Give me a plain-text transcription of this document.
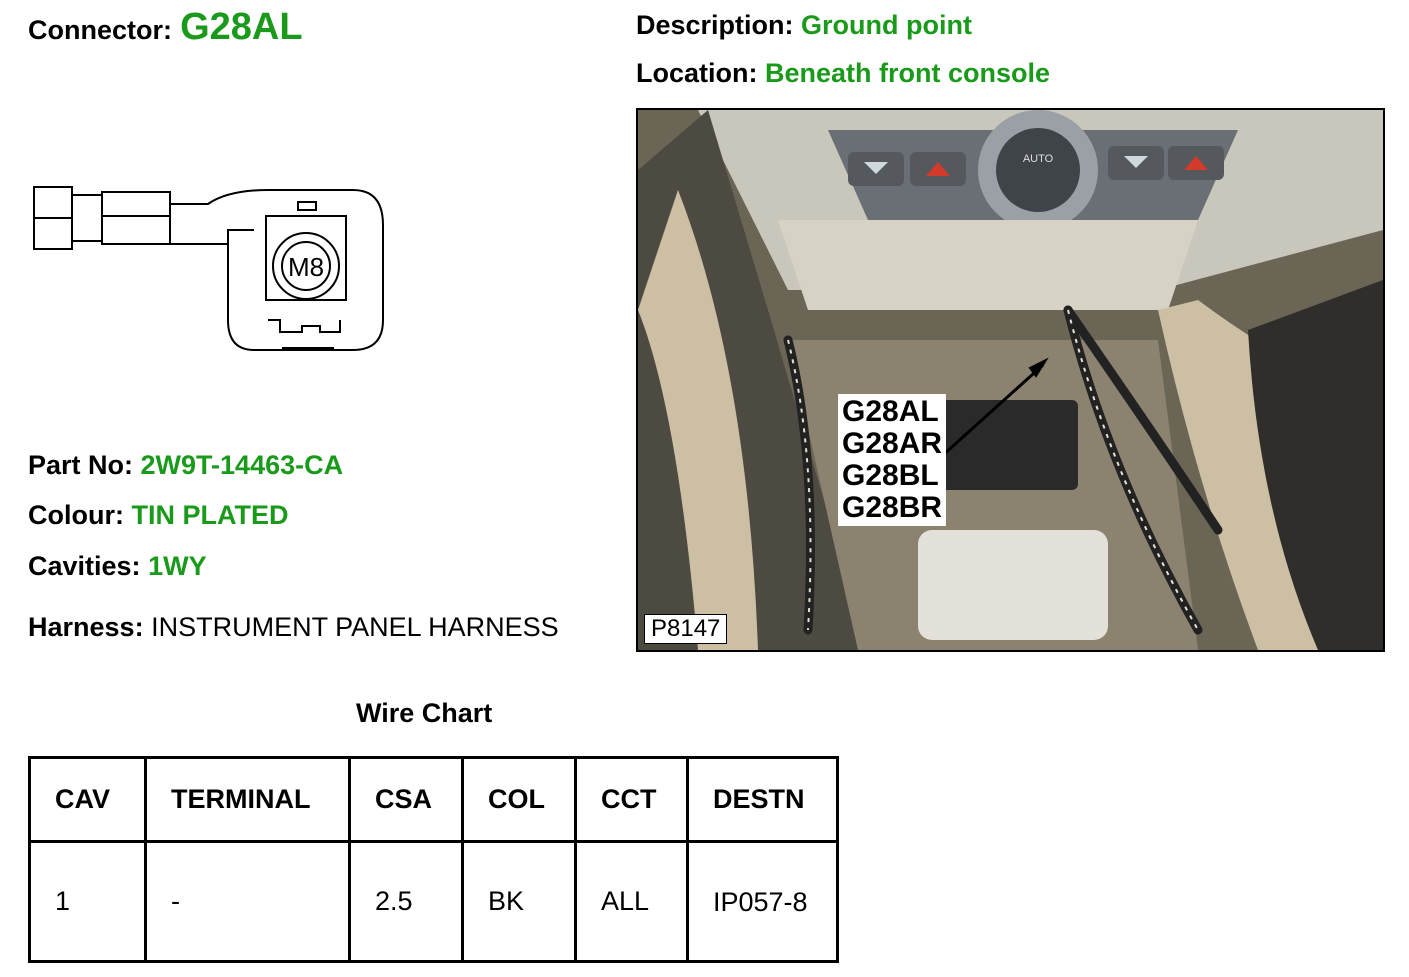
Connector: G28AL	Description: Ground point
Location: Beneath front console
M8
Part No: 2W9T-14463-CA
Colour: TIN PLATED
Cavities: 1WY
Harness: INSTRUMENT PANEL HARNESS
AUTO
G28AL
G28AR
G28BL
G28BR
P8147
Wire Chart
CAV	TERMINAL	CSA	COL	CCT	DESTN
1	-	2.5	BK	ALL	IP057-8
